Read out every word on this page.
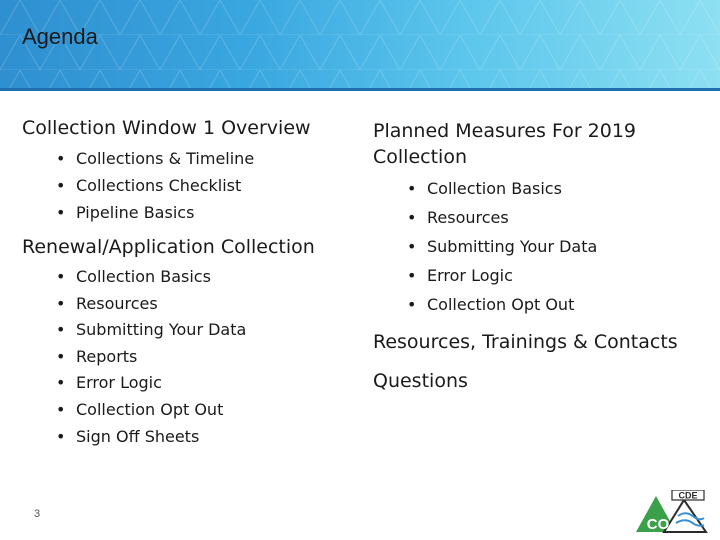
Agenda

Collection Window 1 Overview

• Collections & Timeline
• Collections Checklist
• Pipeline Basics

Renewal/Application Collection

• Collection Basics
• Resources
• Submitting Your Data
• Reports
• Error Logic
• Collection Opt Out
• Sign Off Sheets

Planned Measures For 2019
Collection

• Collection Basics
• Resources
• Submitting Your Data
• Error Logic
• Collection Opt Out

Resources, Trainings & Contacts

Questions

3
CDE
CO
